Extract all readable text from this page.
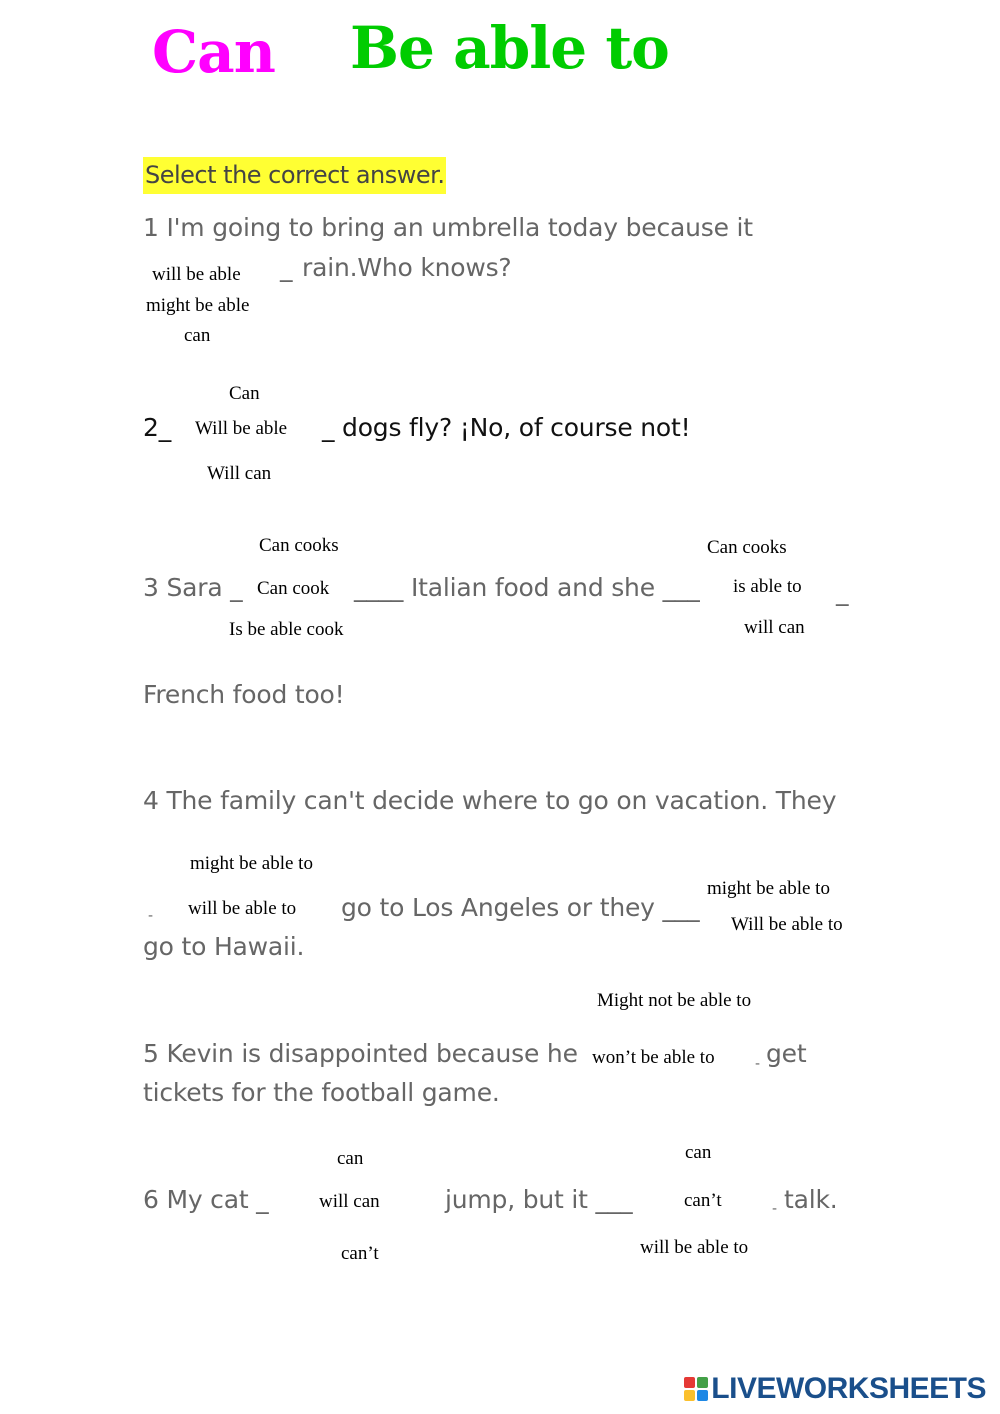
Can Be able to
Select the correct answer.
1 I'm going to bring an umbrella today because it
_ rain.Who knows?
will be able
might be able
can
Can
2_ Will be able _ dogs fly? ¡No, of course not!
Will can
Can cooks	Can cooks
3 Sara _ Can cook ____ Italian food and she ___ is able to _
Is be able cook	will can
French food too!
4 The family can't decide where to go on vacation. They
might be able to
might be able to
- will be able to go to Los Angeles or they ___
Will be able to
go to Hawaii.
Might not be able to
5 Kevin is disappointed because he won’t be able to	- get
tickets for the football game.
can
can
6 My cat _	will can	jump, but it ___	can’t	- talk.
will be able to
can’t
LIVEWORKSHEETS
